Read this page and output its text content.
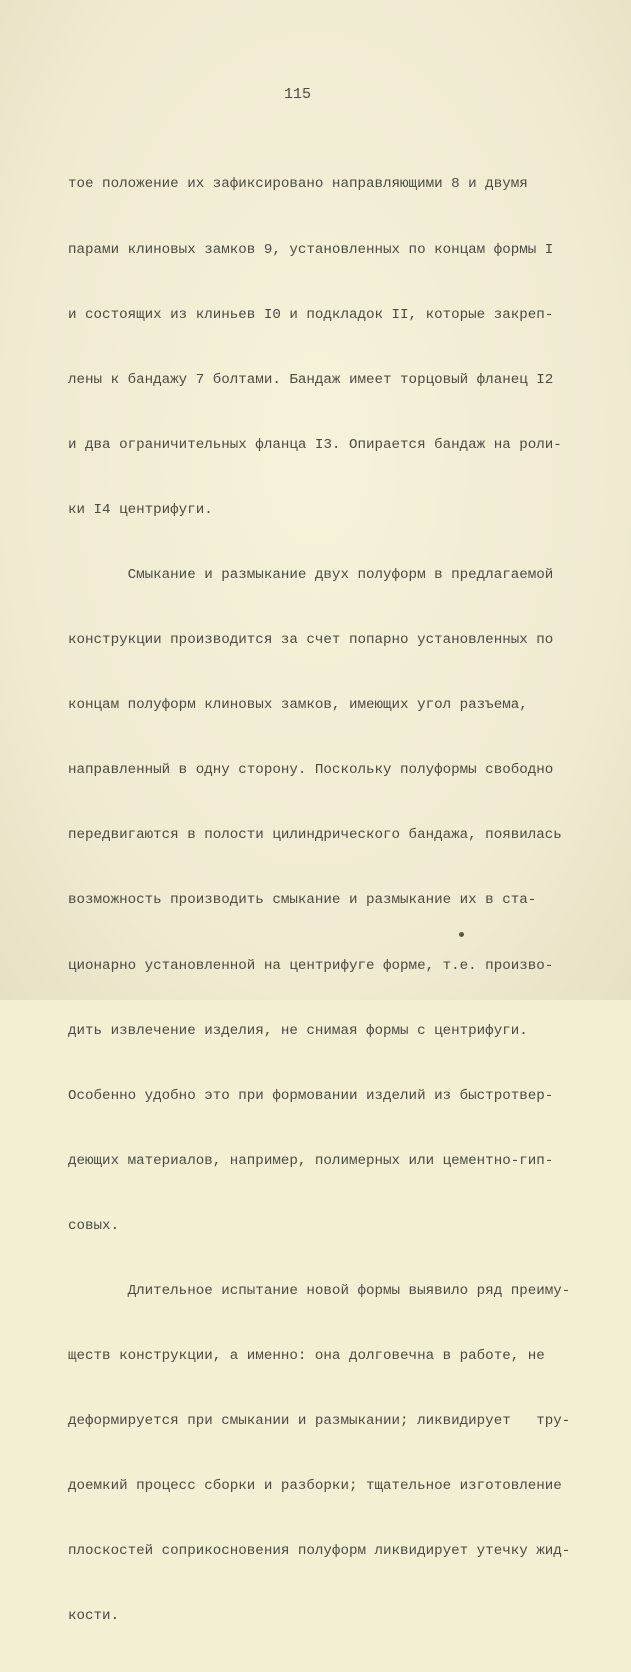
115

тое положение их зафиксировано направляющими 8 и двумя

парами клиновых замков 9, установленных по концам формы I

и состоящих из клиньев I0 и подкладок II, которые закреп-

лены к бандажу 7 болтами. Бандаж имеет торцовый фланец I2

и два ограничительных фланца I3. Опирается бандаж на роли-

ки I4 центрифуги.

Смыкание и размыкание двух полуформ в предлагаемой

конструкции производится за счет попарно установленных по

концам полуформ клиновых замков, имеющих угол разъема,

направленный в одну сторону. Поскольку полуформы свободно

передвигаются в полости цилиндрического бандажа, появилась

возможность производить смыкание и размыкание их в ста-

ционарно установленной на центрифуге форме, т.е. произво-

дить извлечение изделия, не снимая формы с центрифуги.

Особенно удобно это при формовании изделий из быстротвер-

деющих материалов, например, полимерных или цементно-гип-

совых.

Длительное испытание новой формы выявило ряд преиму-

ществ конструкции, а именно: она долговечна в работе, не

деформируется при смыкании и размыкании; ликвидирует   тру-

доемкий процесс сборки и разборки; тщательное изготовление

плоскостей соприкосновения полуформ ликвидирует утечку жид-

кости.
